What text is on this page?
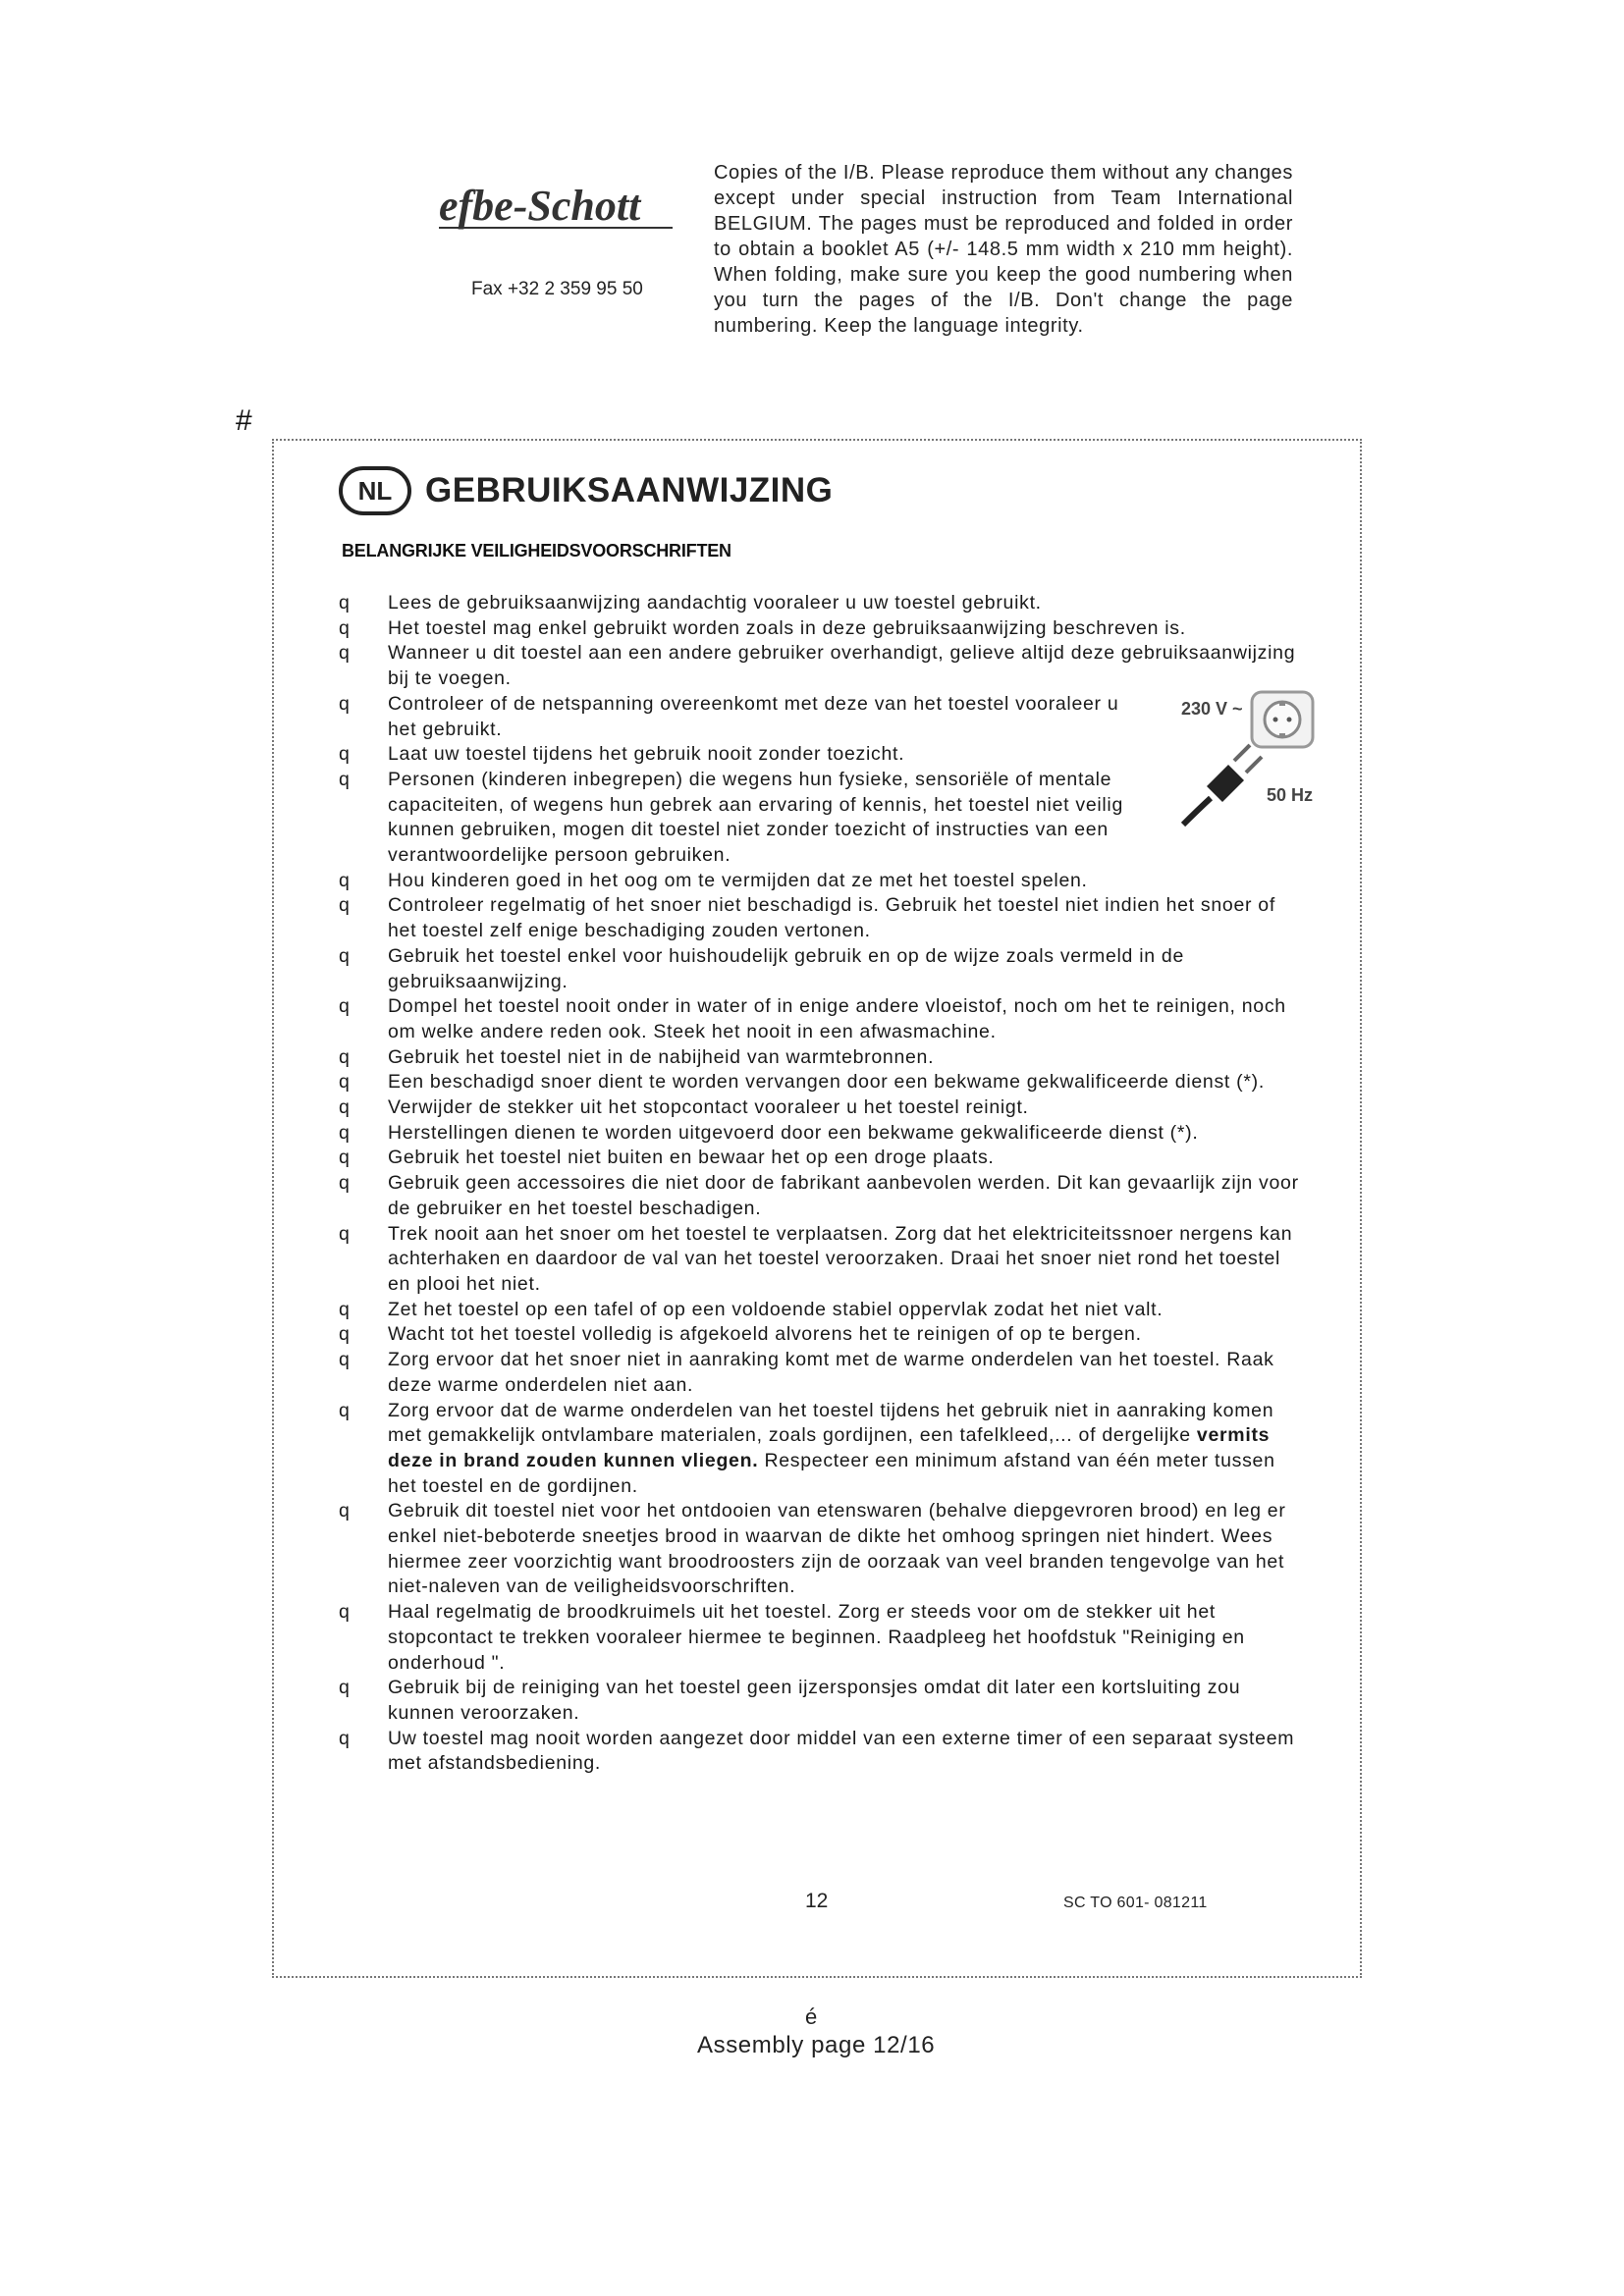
efbe-Schott
Fax +32 2 359 95 50
Copies of the I/B. Please reproduce them without any changes except under special instruction from Team International BELGIUM. The pages must be reproduced and folded in order to obtain a booklet A5 (+/- 148.5 mm width x 210 mm height). When folding, make sure you keep the good numbering when you turn the pages of the I/B. Don't change the page numbering. Keep the language integrity.
#
NL GEBRUIKSAANWIJZING
BELANGRIJKE VEILIGHEIDSVOORSCHRIFTEN
q	Lees de gebruiksaanwijzing aandachtig vooraleer u uw toestel gebruikt.
q	Het toestel mag enkel gebruikt worden zoals in deze gebruiksaanwijzing beschreven is.
q	Wanneer u dit toestel aan een andere gebruiker overhandigt, gelieve altijd deze gebruiksaanwijzing bij te voegen.
q	Controleer of de netspanning overeenkomt met deze van het toestel vooraleer u het gebruikt.
q	Laat uw toestel tijdens het gebruik nooit zonder toezicht.
q	Personen (kinderen inbegrepen) die wegens hun fysieke, sensoriële of mentale capaciteiten, of wegens hun gebrek aan ervaring of kennis, het toestel niet veilig kunnen gebruiken, mogen dit toestel niet zonder toezicht of instructies van een verantwoordelijke persoon gebruiken.
q	Hou kinderen goed in het oog om te vermijden dat ze met het toestel spelen.
q	Controleer regelmatig of het snoer niet beschadigd is. Gebruik het toestel niet indien het snoer of het toestel zelf enige beschadiging zouden vertonen.
q	Gebruik het toestel enkel voor huishoudelijk gebruik en op de wijze zoals vermeld in de gebruiksaanwijzing.
q	Dompel het toestel nooit onder in water of in enige andere vloeistof, noch om het te reinigen, noch om welke andere reden ook. Steek het nooit in een afwasmachine.
q	Gebruik het toestel niet in de nabijheid van warmtebronnen.
q	Een beschadigd snoer dient te worden vervangen door een bekwame gekwalificeerde dienst (*).
q	Verwijder de stekker uit het stopcontact vooraleer u het toestel reinigt.
q	Herstellingen dienen te worden uitgevoerd door een bekwame gekwalificeerde dienst (*).
q	Gebruik het toestel niet buiten en bewaar het op een droge plaats.
q	Gebruik geen accessoires die niet door de fabrikant aanbevolen werden. Dit kan gevaarlijk zijn voor de gebruiker en het toestel beschadigen.
q	Trek nooit aan het snoer om het toestel te verplaatsen. Zorg dat het elektriciteitssnoer nergens kan achterhaken en daardoor de val van het toestel veroorzaken. Draai het snoer niet rond het toestel en plooi het niet.
q	Zet het toestel op een tafel of op een voldoende stabiel oppervlak zodat het niet valt.
q	Wacht tot het toestel volledig is afgekoeld alvorens het te reinigen of op te bergen.
q	Zorg ervoor dat het snoer niet in aanraking komt met de warme onderdelen van het toestel. Raak deze warme onderdelen niet aan.
q	Zorg ervoor dat de warme onderdelen van het toestel tijdens het gebruik niet in aanraking komen met gemakkelijk ontvlambare materialen, zoals gordijnen, een tafelkleed,... of dergelijke vermits deze in brand zouden kunnen vliegen. Respecteer een minimum afstand van één meter tussen het toestel en de gordijnen.
q	Gebruik dit toestel niet voor het ontdooien van etenswaren (behalve diepgevroren brood) en leg er enkel niet-beboterde sneetjes brood in waarvan de dikte het omhoog springen niet hindert. Wees hiermee zeer voorzichtig want broodroosters zijn de oorzaak van veel branden tengevolge van het niet-naleven van de veiligheidsvoorschriften.
q	Haal regelmatig de broodkruimels uit het toestel. Zorg er steeds voor om de stekker uit het stopcontact te trekken vooraleer hiermee te beginnen. Raadpleeg het hoofdstuk "Reiniging en onderhoud ".
q	Gebruik bij de reiniging van het toestel geen ijzersponsjes omdat dit later een kortsluiting zou kunnen veroorzaken.
q	Uw toestel mag nooit worden aangezet door middel van een externe timer of een separaat systeem met afstandsbediening.
230 V ~
50 Hz
12	SC TO 601- 081211
é
Assembly page 12/16
